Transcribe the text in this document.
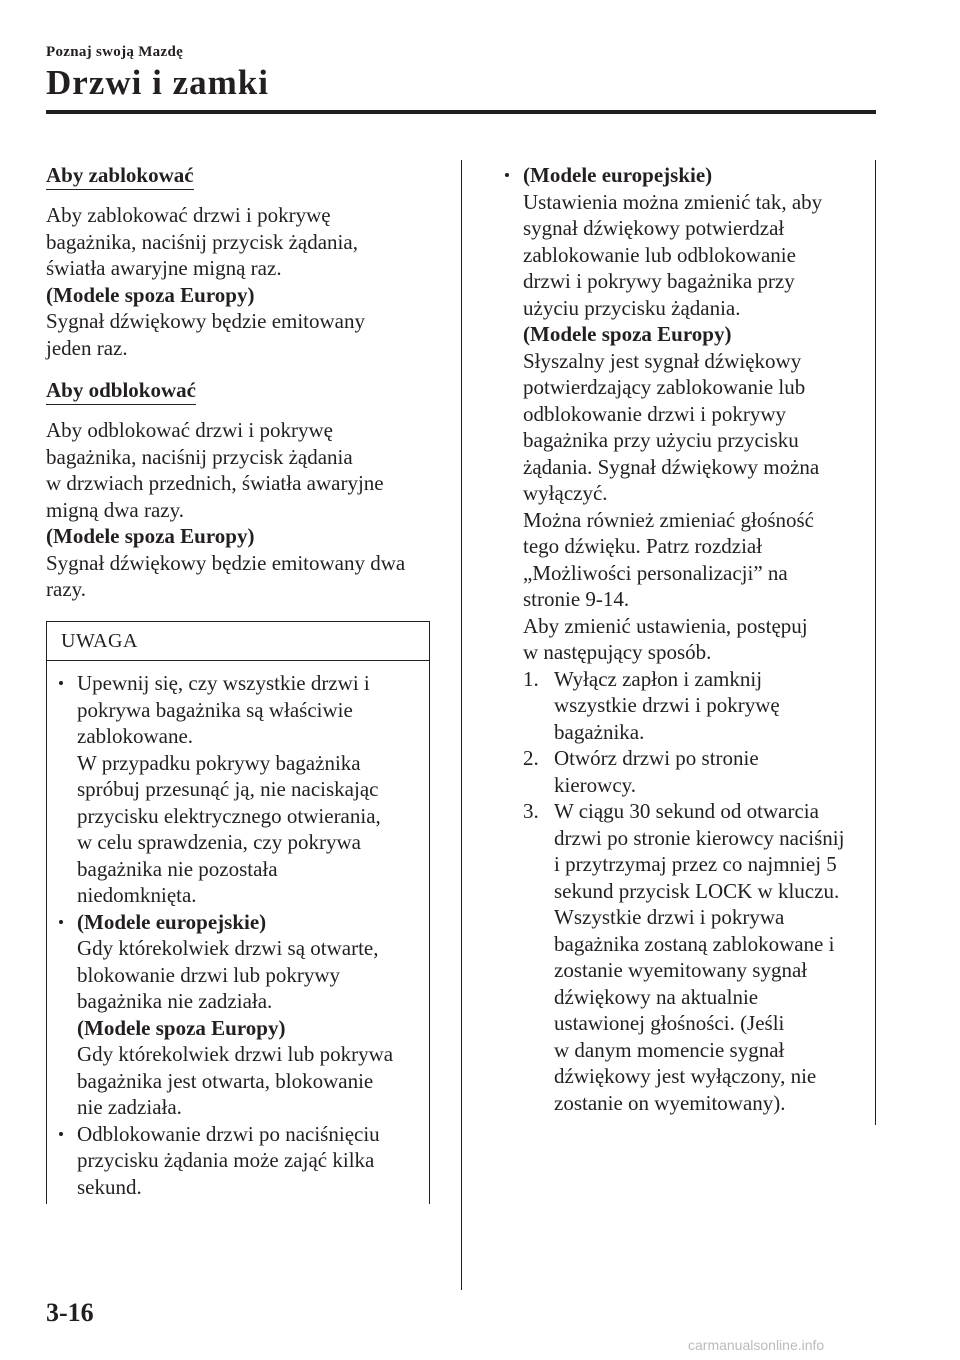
Poznaj swoją Mazdę
Drzwi i zamki
Aby zablokować
Aby zablokować drzwi i pokrywę
bagażnika, naciśnij przycisk żądania,
światła awaryjne migną raz.
(Modele spoza Europy)
Sygnał dźwiękowy będzie emitowany
jeden raz.
Aby odblokować
Aby odblokować drzwi i pokrywę
bagażnika, naciśnij przycisk żądania
w drzwiach przednich, światła awaryjne
migną dwa razy.
(Modele spoza Europy)
Sygnał dźwiękowy będzie emitowany dwa
razy.
UWAGA
Upewnij się, czy wszystkie drzwi i
pokrywa bagażnika są właściwie
zablokowane.
W przypadku pokrywy bagażnika
spróbuj przesunąć ją, nie naciskając
przycisku elektrycznego otwierania,
w celu sprawdzenia, czy pokrywa
bagażnika nie pozostała
niedomknięta.
(Modele europejskie)
Gdy którekolwiek drzwi są otwarte,
blokowanie drzwi lub pokrywy
bagażnika nie zadziała.
(Modele spoza Europy)
Gdy którekolwiek drzwi lub pokrywa
bagażnika jest otwarta, blokowanie
nie zadziała.
Odblokowanie drzwi po naciśnięciu
przycisku żądania może zająć kilka
sekund.
(Modele europejskie)
Ustawienia można zmienić tak, aby
sygnał dźwiękowy potwierdzał
zablokowanie lub odblokowanie
drzwi i pokrywy bagażnika przy
użyciu przycisku żądania.
(Modele spoza Europy)
Słyszalny jest sygnał dźwiękowy
potwierdzający zablokowanie lub
odblokowanie drzwi i pokrywy
bagażnika przy użyciu przycisku
żądania. Sygnał dźwiękowy można
wyłączyć.
Można również zmieniać głośność
tego dźwięku. Patrz rozdział
„Możliwości personalizacji” na
stronie 9-14.
Aby zmienić ustawienia, postępuj
w następujący sposób.
1. Wyłącz zapłon i zamknij
wszystkie drzwi i pokrywę
bagażnika.
2. Otwórz drzwi po stronie
kierowcy.
3. W ciągu 30 sekund od otwarcia
drzwi po stronie kierowcy naciśnij
i przytrzymaj przez co najmniej 5
sekund przycisk LOCK w kluczu.
Wszystkie drzwi i pokrywa
bagażnika zostaną zablokowane i
zostanie wyemitowany sygnał
dźwiękowy na aktualnie
ustawionej głośności. (Jeśli
w danym momencie sygnał
dźwiękowy jest wyłączony, nie
zostanie on wyemitowany).
3-16
carmanualsonline.info
